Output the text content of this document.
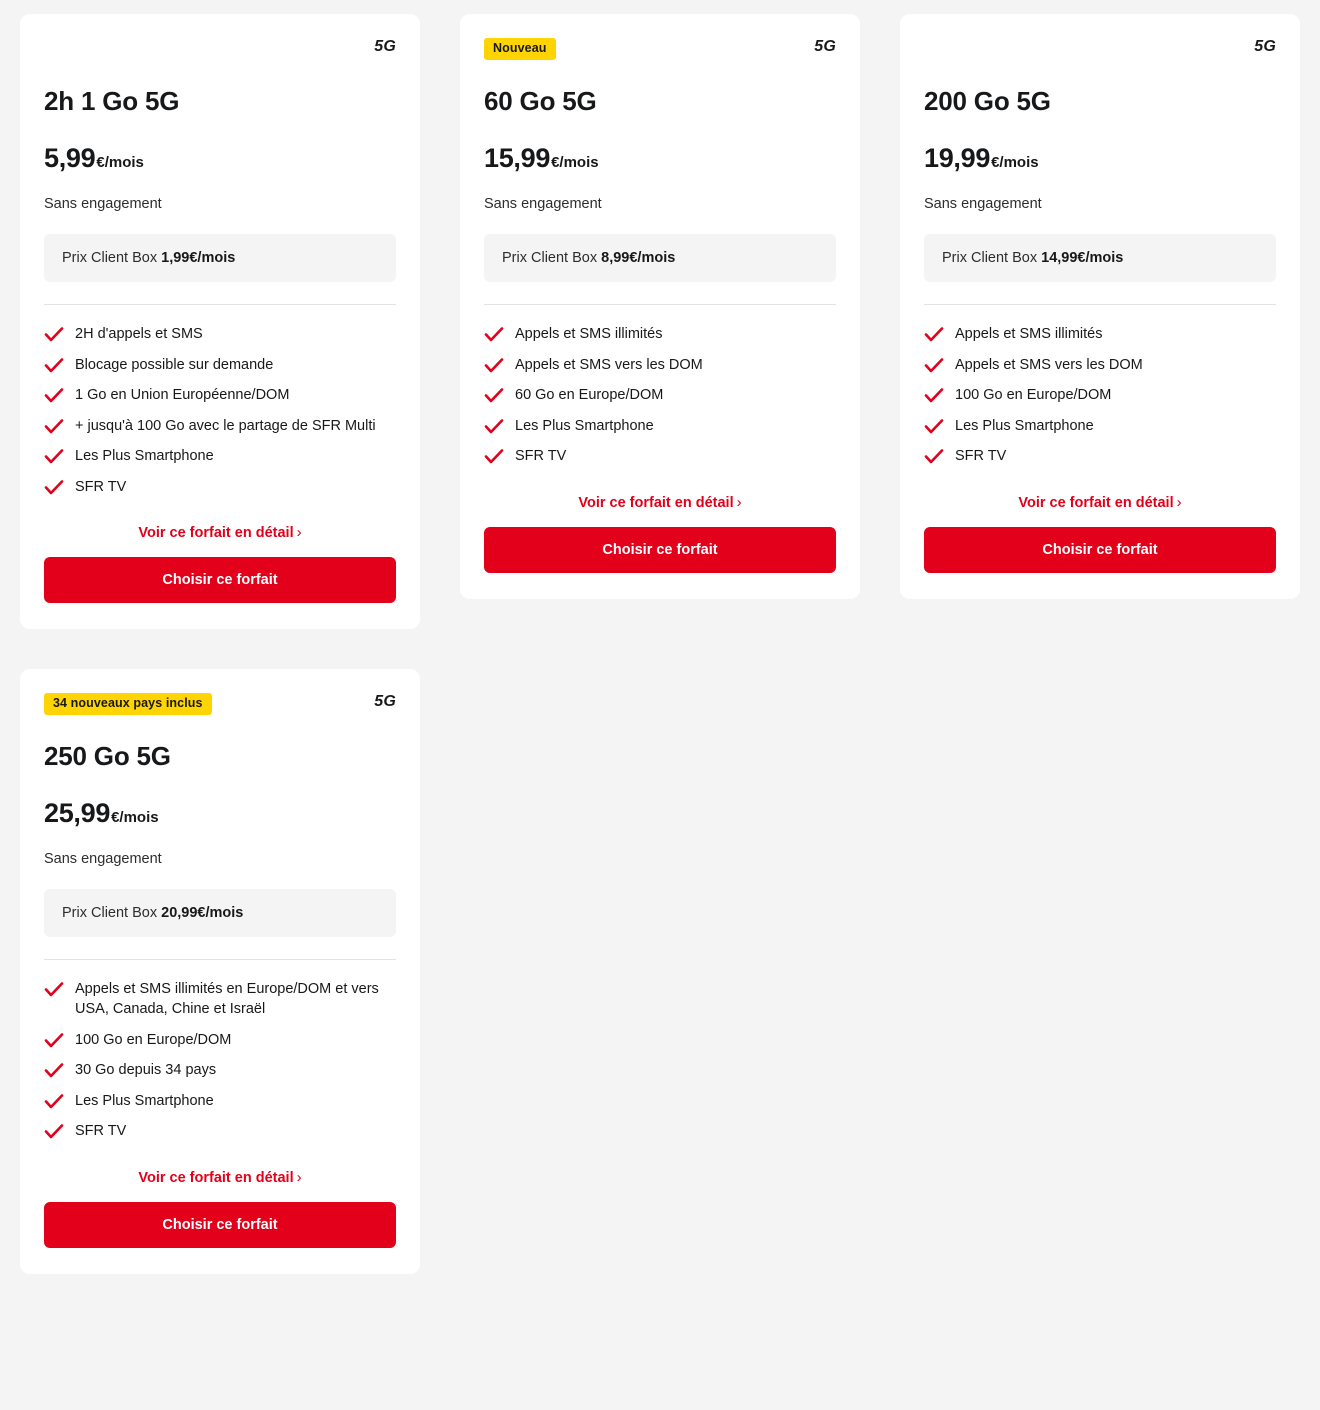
5G
2h 1 Go 5G
5,99 €/mois
Sans engagement
Prix Client Box 1,99€/mois
2H d'appels et SMS
Blocage possible sur demande
1 Go en Union Européenne/DOM
+ jusqu'à 100 Go avec le partage de SFR Multi
Les Plus Smartphone
SFR TV
Voir ce forfait en détail ›
Choisir ce forfait
Nouveau	5G
60 Go 5G
15,99 €/mois
Sans engagement
Prix Client Box 8,99€/mois
Appels et SMS illimités
Appels et SMS vers les DOM
60 Go en Europe/DOM
Les Plus Smartphone
SFR TV
Voir ce forfait en détail ›
Choisir ce forfait
5G
200 Go 5G
19,99 €/mois
Sans engagement
Prix Client Box 14,99€/mois
Appels et SMS illimités
Appels et SMS vers les DOM
100 Go en Europe/DOM
Les Plus Smartphone
SFR TV
Voir ce forfait en détail ›
Choisir ce forfait
34 nouveaux pays inclus	5G
250 Go 5G
25,99 €/mois
Sans engagement
Prix Client Box 20,99€/mois
Appels et SMS illimités en Europe/DOM et vers USA, Canada, Chine et Israël
100 Go en Europe/DOM
30 Go depuis 34 pays
Les Plus Smartphone
SFR TV
Voir ce forfait en détail ›
Choisir ce forfait
